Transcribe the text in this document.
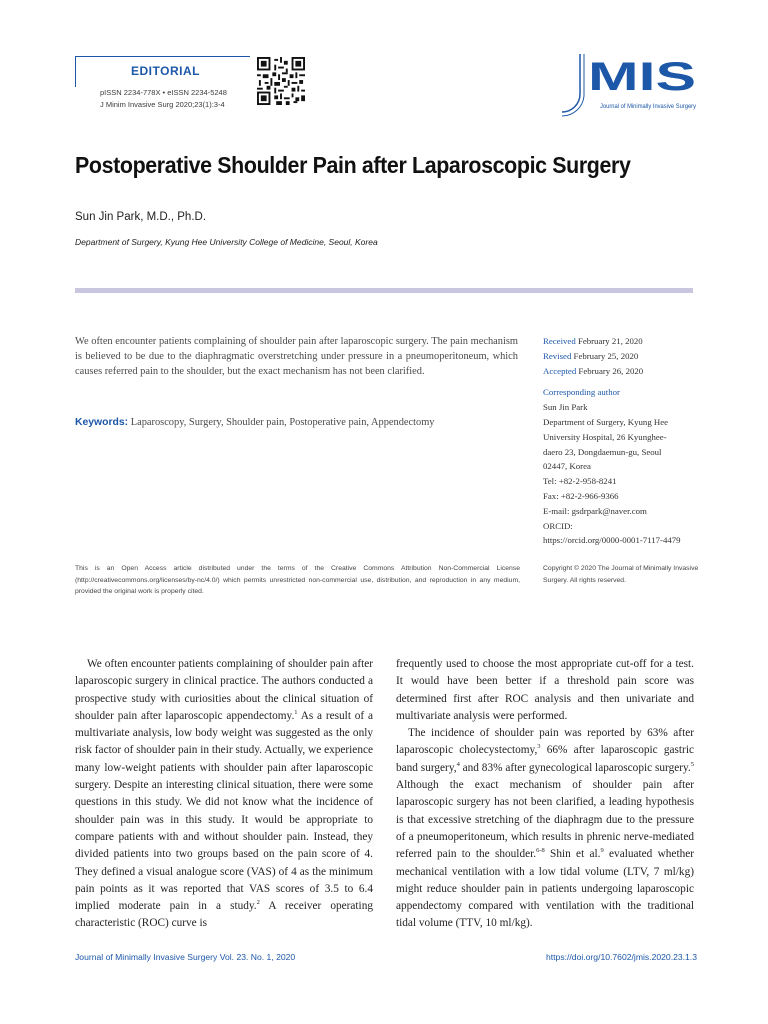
EDITORIAL
pISSN 2234-778X • eISSN 2234-5248
J Minim Invasive Surg 2020;23(1):3-4
MIS
Journal of Minimally Invasive Surgery
Postoperative Shoulder Pain after Laparoscopic Surgery
Sun Jin Park, M.D., Ph.D.
Department of Surgery, Kyung Hee University College of Medicine, Seoul, Korea
We often encounter patients complaining of shoulder pain after laparoscopic surgery. The pain mechanism is believed to be due to the diaphragmatic overstretching under pressure in a pneumoperitoneum, which causes referred pain to the shoulder, but the exact mechanism has not been clarified.
Keywords: Laparoscopy, Surgery, Shoulder pain, Postoperative pain, Appendectomy
Received February 21, 2020
Revised February 25, 2020
Accepted February 26, 2020
Corresponding author
Sun Jin Park
Department of Surgery, Kyung Hee
University Hospital, 26 Kyunghee-
daero 23, Dongdaemun-gu, Seoul
02447, Korea
Tel: +82-2-958-8241
Fax: +82-2-966-9366
E-mail: gsdrpark@naver.com
ORCID:
https://orcid.org/0000-0001-7117-4479
This is an Open Access article distributed under the terms of the Creative Commons Attribution Non-Commercial License (http://creativecommons.org/licenses/by-nc/4.0/) which permits unrestricted non-commercial use, distribution, and reproduction in any medium, provided the original work is properly cited.
Copyright © 2020 The Journal of Minimally Invasive Surgery. All rights reserved.

We often encounter patients complaining of shoulder pain after laparoscopic surgery in clinical practice. The authors conducted a prospective study with curiosities about the clinical situation of shoulder pain after laparoscopic appendectomy.$^1$ As a result of a multivariate analysis, low body weight was suggested as the only risk factor of shoulder pain in their study. Actually, we experience many low-weight patients with shoulder pain after laparoscopic surgery. Despite an interesting clinical situation, there were some questions in this study. We did not know what the incidence of shoulder pain was in this study. It would be appropriate to compare patients with and without shoulder pain. Instead, they divided patients into two groups based on the pain score of 4. They defined a visual analogue score (VAS) of 4 as the minimum pain points as it was reported that VAS scores of 3.5 to 6.4 implied moderate pain in a study.$^2$ A receiver operating characteristic (ROC) curve is

frequently used to choose the most appropriate cut-off for a test. It would have been better if a threshold pain score was determined first after ROC analysis and then univariate and multivariate analysis were performed.

The incidence of shoulder pain was reported by 63% after laparoscopic cholecystectomy,$^3$ 66% after laparoscopic gastric band surgery,$^4$ and 83% after gynecological laparoscopic surgery.$^5$ Although the exact mechanism of shoulder pain after laparoscopic surgery has not been clarified, a leading hypothesis is that excessive stretching of the diaphragm due to the pressure of a pneumoperitoneum, which results in phrenic nerve-mediated referred pain to the shoulder.$^{6-8}$ Shin et al.$^9$ evaluated whether mechanical ventilation with a low tidal volume (LTV, 7 ml/kg) might reduce shoulder pain in patients undergoing laparoscopic appendectomy compared with ventilation with the traditional tidal volume (TTV, 10 ml/kg).

Journal of Minimally Invasive Surgery Vol. 23. No. 1, 2020	https://doi.org/10.7602/jmis.2020.23.1.3
